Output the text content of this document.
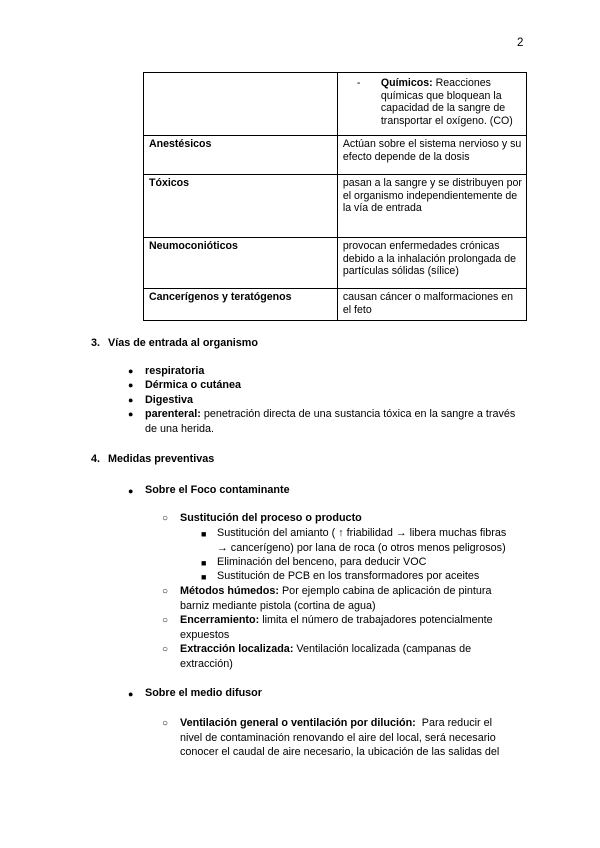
2

	- Químicos: Reacciones químicas que bloquean la capacidad de la sangre de transportar el oxígeno. (CO)

Anestésicos	Actúan sobre el sistema nervioso y su efecto depende de la dosis
Tóxicos	pasan a la sangre y se distribuyen por el organismo independientemente de la vía de entrada
Neumoconióticos	provocan enfermedades crónicas debido a la inhalación prolongada de partículas sólidas (sílice)
Cancerígenos y teratógenos	causan cáncer o malformaciones en el feto
3. Vías de entrada al organismo
● respiratoria
● Dérmica o cutánea
● Digestiva
● parenteral: penetración directa de una sustancia tóxica en la sangre a través
de una herida.
4. Medidas preventivas
● Sobre el Foco contaminante
○ Sustitución del proceso o producto
■ Sustitución del amianto ( ↑ friabilidad → libera muchas fibras
→ cancerígeno) por lana de roca (o otros menos peligrosos)
■ Eliminación del benceno, para deducir VOC
■ Sustitución de PCB en los transformadores por aceites
○ Métodos húmedos: Por ejemplo cabina de aplicación de pintura
barniz mediante pistola (cortina de agua)
○ Encerramiento: limita el número de trabajadores potencialmente
expuestos
○ Extracción localizada: Ventilación localizada (campanas de
extracción)
● Sobre el medio difusor
○ Ventilación general o ventilación por dilución: Para reducir el
nivel de contaminación renovando el aire del local, será necesario
conocer el caudal de aire necesario, la ubicación de las salidas del
